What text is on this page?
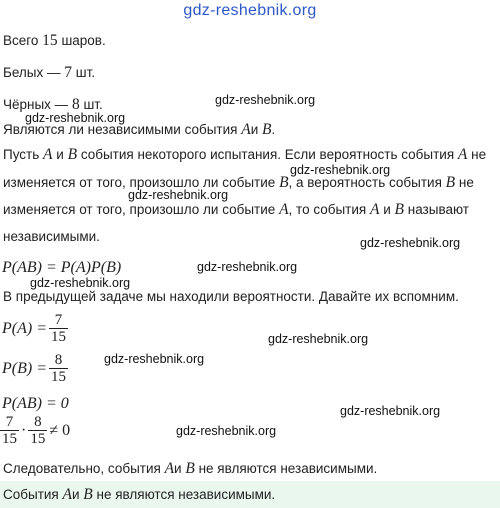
gdz-reshebnik.org
Всего 15 шаров.
Белых — 7 шт.
Чёрных — 8 шт.	gdz-reshebnik.org
gdz-reshebnik.org
Являются ли независимыми события Aи B.
Пусть A и B события некоторого испытания. Если вероятность события A не
gdz-reshebnik.org
изменяется от того, произошло ли событие B, а вероятность события B не
gdz-reshebnik.org
изменяется от того, произошло ли событие A, то события A и B называют
независимыми.	gdz-reshebnik.org
P(AB) = P(A)P(B)	gdz-reshebnik.org
gdz-reshebnik.org
В предыдущей задаче мы находили вероятности. Давайте их вспомним.
$P(A) = \frac{7}{15}$	gdz-reshebnik.org
$P(B) = \frac{8}{15}$	gdz-reshebnik.org
P(AB) = 0	gdz-reshebnik.org
$\frac{7}{15} \cdot \frac{8}{15} \ne 0$	gdz-reshebnik.org
Следовательно, события Aи B не являются независимыми.
События Aи B не являются независимыми.
